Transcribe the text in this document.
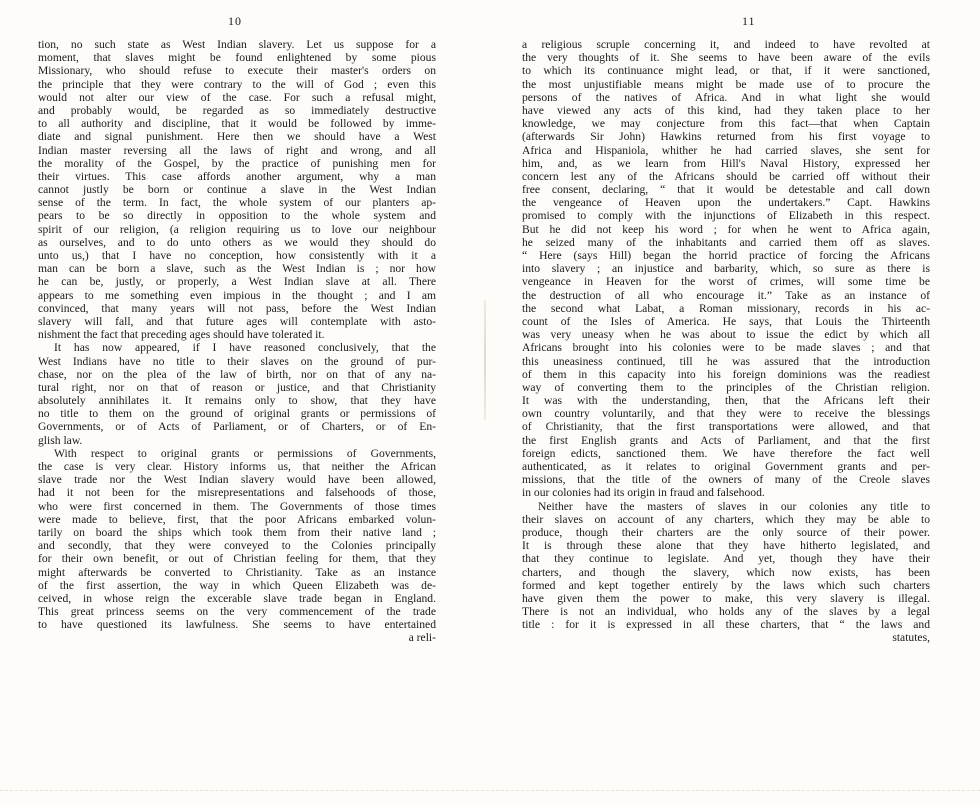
10
tion, no such state as West Indian slavery. Let us suppose for a
moment, that slaves might be found enlightened by some pious
Missionary, who should refuse to execute their master's orders on
the principle that they were contrary to the will of God ; even this
would not alter our view of the case. For such a refusal might,
and probably would, be regarded as so immediately destructive
to all authority and discipline, that it would be followed by imme-
diate and signal punishment. Here then we should have a West
Indian master reversing all the laws of right and wrong, and all
the morality of the Gospel, by the practice of punishing men for
their virtues. This case affords another argument, why a man
cannot justly be born or continue a slave in the West Indian
sense of the term. In fact, the whole system of our planters ap-
pears to be so directly in opposition to the whole system and
spirit of our religion, (a religion requiring us to love our neighbour
as ourselves, and to do unto others as we would they should do
unto us,) that I have no conception, how consistently with it a
man can be born a slave, such as the West Indian is ; nor how
he can be, justly, or properly, a West Indian slave at all. There
appears to me something even impious in the thought ; and I am
convinced, that many years will not pass, before the West Indian
slavery will fall, and that future ages will contemplate with asto-
nishment the fact that preceding ages should have tolerated it.
It has now appeared, if I have reasoned conclusively, that the
West Indians have no title to their slaves on the ground of pur-
chase, nor on the plea of the law of birth, nor on that of any na-
tural right, nor on that of reason or justice, and that Christianity
absolutely annihilates it. It remains only to show, that they have
no title to them on the ground of original grants or permissions of
Governments, or of Acts of Parliament, or of Charters, or of En-
glish law.
With respect to original grants or permissions of Governments,
the case is very clear. History informs us, that neither the African
slave trade nor the West Indian slavery would have been allowed,
had it not been for the misrepresentations and falsehoods of those,
who were first concerned in them. The Governments of those times
were made to believe, first, that the poor Africans embarked volun-
tarily on board the ships which took them from their native land ;
and secondly, that they were conveyed to the Colonies principally
for their own benefit, or out of Christian feeling for them, that they
might afterwards be converted to Christianity. Take as an instance
of the first assertion, the way in which Queen Elizabeth was de-
ceived, in whose reign the excerable slave trade began in England.
This great princess seems on the very commencement of the trade
to have questioned its lawfulness. She seems to have entertained
a reli-
11
a religious scruple concerning it, and indeed to have revolted at
the very thoughts of it. She seems to have been aware of the evils
to which its continuance might lead, or that, if it were sanctioned,
the most unjustifiable means might be made use of to procure the
persons of the natives of Africa. And in what light she would
have viewed any acts of this kind, had they taken place to her
knowledge, we may conjecture from this fact—that when Captain
(afterwards Sir John) Hawkins returned from his first voyage to
Africa and Hispaniola, whither he had carried slaves, she sent for
him, and, as we learn from Hill's Naval History, expressed her
concern lest any of the Africans should be carried off without their
free consent, declaring, “ that it would be detestable and call down
the vengeance of Heaven upon the undertakers.” Capt. Hawkins
promised to comply with the injunctions of Elizabeth in this respect.
But he did not keep his word ; for when he went to Africa again,
he seized many of the inhabitants and carried them off as slaves.
“ Here (says Hill) began the horrid practice of forcing the Africans
into slavery ; an injustice and barbarity, which, so sure as there is
vengeance in Heaven for the worst of crimes, will some time be
the destruction of all who encourage it.” Take as an instance of
the second what Labat, a Roman missionary, records in his ac-
count of the Isles of America. He says, that Louis the Thirteenth
was very uneasy when he was about to issue the edict by which all
Africans brought into his colonies were to be made slaves ; and that
this uneasiness continued, till he was assured that the introduction
of them in this capacity into his foreign dominions was the readiest
way of converting them to the principles of the Christian religion.
It was with the understanding, then, that the Africans left their
own country voluntarily, and that they were to receive the blessings
of Christianity, that the first transportations were allowed, and that
the first English grants and Acts of Parliament, and that the first
foreign edicts, sanctioned them. We have therefore the fact well
authenticated, as it relates to original Government grants and per-
missions, that the title of the owners of many of the Creole slaves
in our colonies had its origin in fraud and falsehood.
Neither have the masters of slaves in our colonies any title to
their slaves on account of any charters, which they may be able to
produce, though their charters are the only source of their power.
It is through these alone that they have hitherto legislated, and
that they continue to legislate. And yet, though they have their
charters, and though the slavery, which now exists, has been
formed and kept together entirely by the laws which such charters
have given them the power to make, this very slavery is illegal.
There is not an individual, who holds any of the slaves by a legal
title : for it is expressed in all these charters, that “ the laws and
statutes,
